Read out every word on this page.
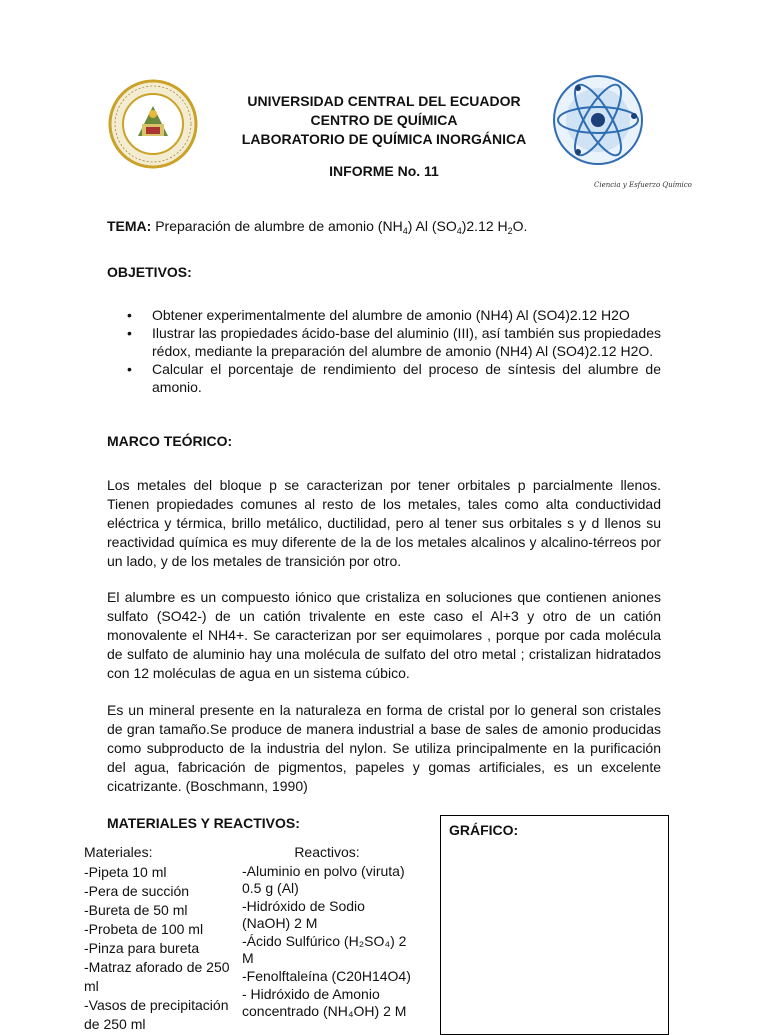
UNIVERSIDAD CENTRAL DEL ECUADOR
CENTRO DE QUÍMICA
LABORATORIO DE QUÍMICA INORGÁNICA
INFORME No. 11
Ciencia y Esfuerzo Químico
TEMA: Preparación de alumbre de amonio $(NH_4)$ Al $(SO_4)2.12$ $H_2O$.
OBJETIVOS:
• Obtener experimentalmente del alumbre de amonio (NH4) Al (SO4)2.12 H2O
• Ilustrar las propiedades ácido-base del aluminio (III), así también sus propiedades rédox, mediante la preparación del alumbre de amonio (NH4) Al (SO4)2.12 H2O.
• Calcular el porcentaje de rendimiento del proceso de síntesis del alumbre de amonio.
MARCO TEÓRICO:

Los metales del bloque p se caracterizan por tener orbitales p parcialmente llenos. Tienen propiedades comunes al resto de los metales, tales como alta conductividad eléctrica y térmica, brillo metálico, ductilidad, pero al tener sus orbitales s y d llenos su reactividad química es muy diferente de la de los metales alcalinos y alcalino-térreos por un lado, y de los metales de transición por otro.

El alumbre es un compuesto iónico que cristaliza en soluciones que contienen aniones sulfato (SO42-) de un catión trivalente en este caso el Al+3 y otro de un catión monovalente el NH4+. Se caracterizan por ser equimolares , porque por cada molécula de sulfato de aluminio hay una molécula de sulfato del otro metal ; cristalizan hidratados con 12 moléculas de agua en un sistema cúbico.

Es un mineral presente en la naturaleza en forma de cristal por lo general son cristales de gran tamaño.Se produce de manera industrial a base de sales de amonio producidas como subproducto de la industria del nylon. Se utiliza principalmente en la purificación del agua, fabricación de pigmentos, papeles y gomas artificiales, es un excelente cicatrizante. (Boschmann, 1990)

MATERIALES Y REACTIVOS:
Materiales:
-Pipeta 10 ml
-Pera de succión
-Bureta de 50 ml
-Probeta de 100 ml
-Pinza para bureta
-Matraz aforado de 250 ml
-Vasos de precipitación de 250 ml
Reactivos:
-Aluminio en polvo (viruta) 0.5 g (Al)
-Hidróxido de Sodio (NaOH) 2 M
-Ácido Sulfúrico (H₂SO₄) 2 M
-Fenolftaleína (C20H14O4)
- Hidróxido de Amonio concentrado (NH₄OH) 2 M
GRÁFICO:
